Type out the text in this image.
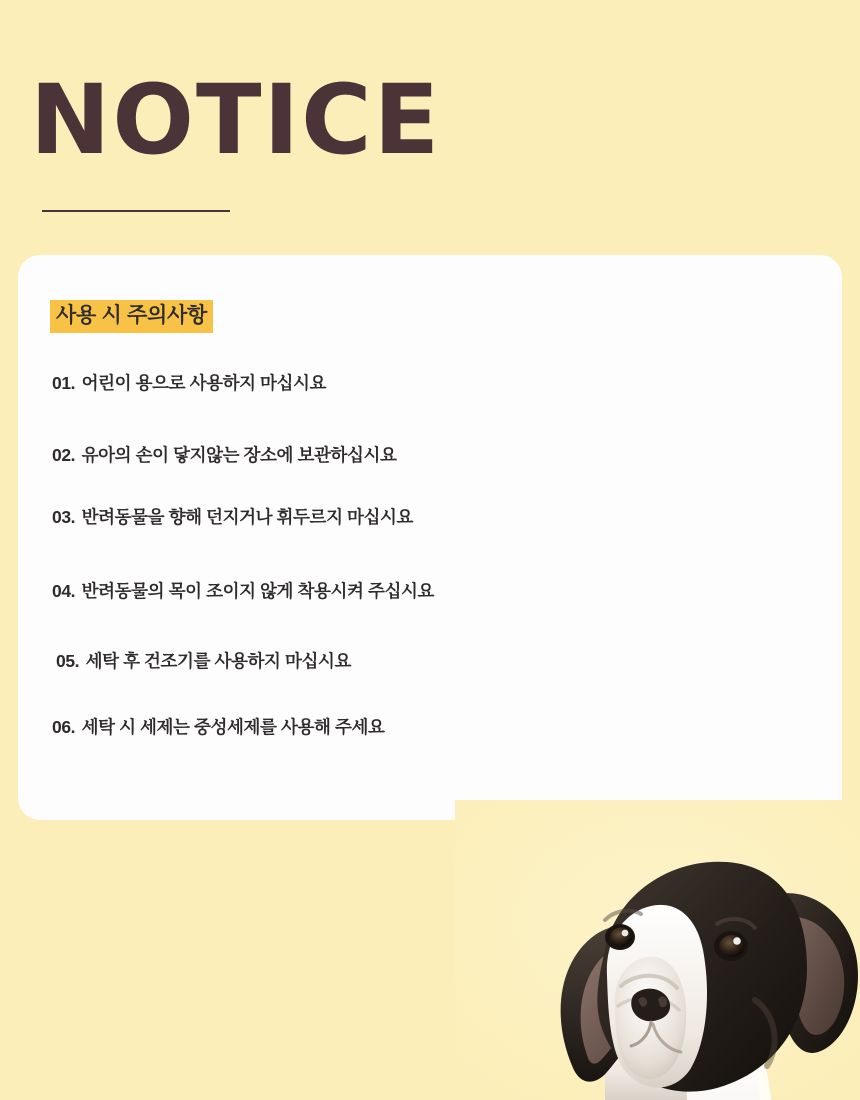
NOTICE
사용 시 주의사항
01. 어린이 용으로 사용하지 마십시요
02. 유아의 손이 닿지않는 장소에 보관하십시요
03. 반려동물을 향해 던지거나 휘두르지 마십시요
04. 반려동물의 목이 조이지 않게 착용시켜 주십시요
05. 세탁 후 건조기를 사용하지 마십시요
06. 세탁 시 세제는 중성세제를 사용해 주세요
